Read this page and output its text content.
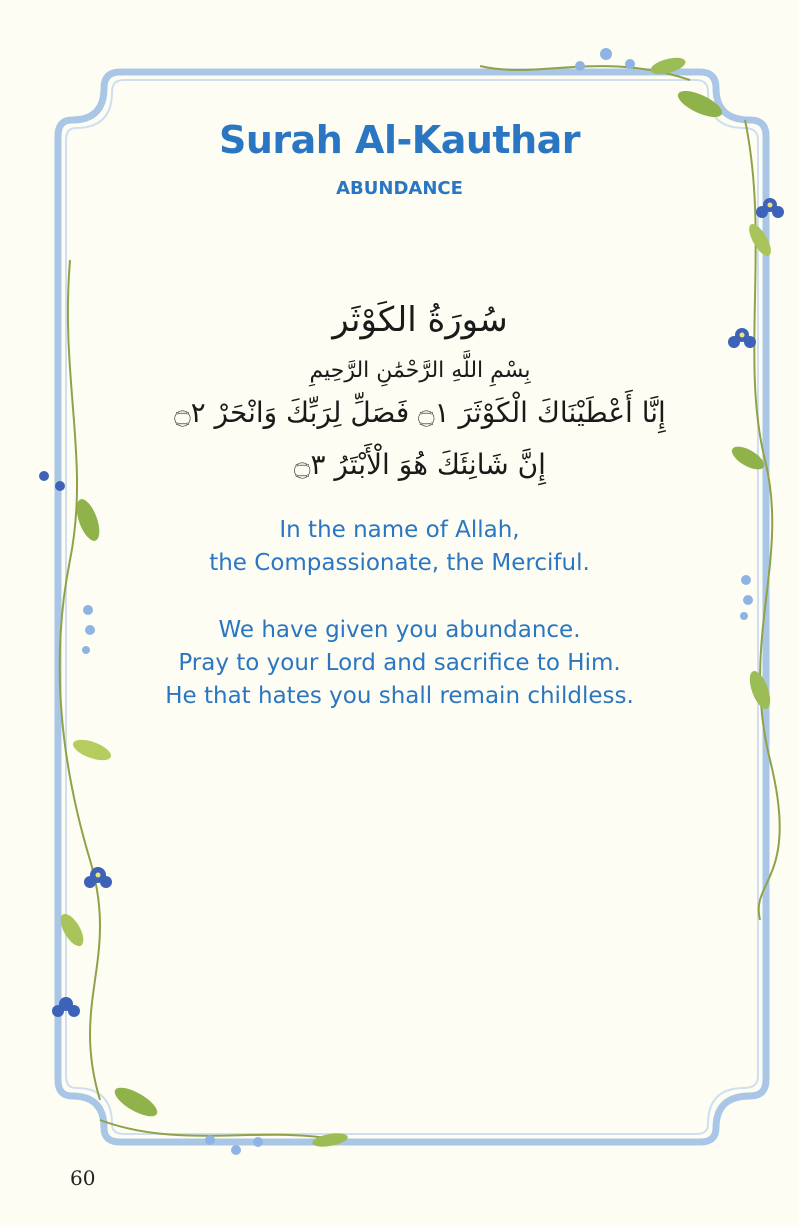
Surah Al-Kauthar
ABUNDANCE
سُورَةُ الكَوْثَر
بِسْمِ اللَّهِ الرَّحْمَٰنِ الرَّحِيمِ
إِنَّا أَعْطَيْنَاكَ الْكَوْثَرَ ۝١ فَصَلِّ لِرَبِّكَ وَانْحَرْ ۝٢
إِنَّ شَانِئَكَ هُوَ الْأَبْتَرُ ۝٣
In the name of Allah,
the Compassionate, the Merciful.
We have given you abundance.
Pray to your Lord and sacrifice to Him.
He that hates you shall remain childless.
60
